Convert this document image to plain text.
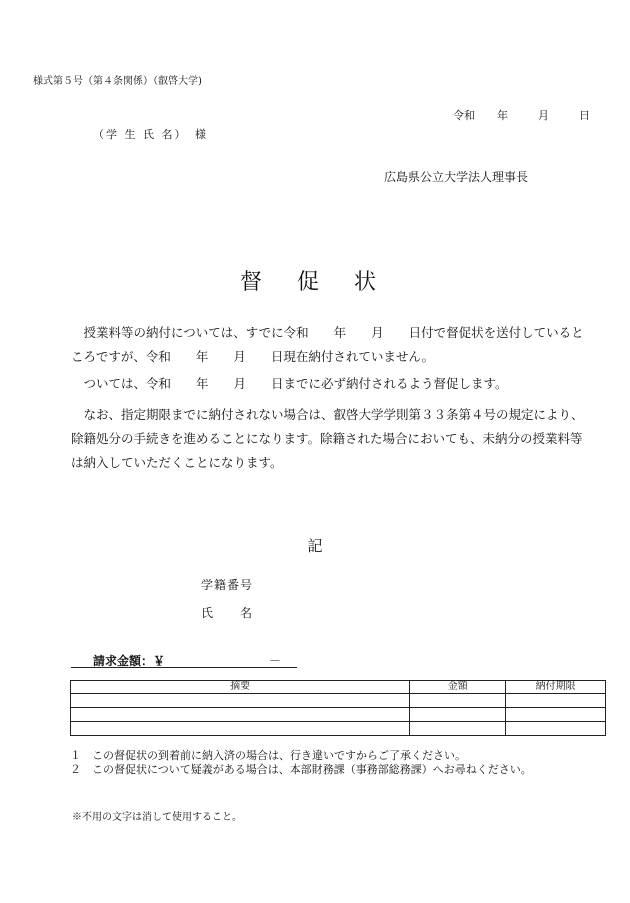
様式第５号（第４条関係）（叡啓大学)
令和 年	月	日
（学 生 氏 名）　様
広島県公立大学法人理事長
督 促 状
　授業料等の納付については、すでに令和　　年　　月　　日付で督促状を送付しているところですが、令和　　年　　月　　日現在納付されていません。
　ついては、令和　　年　　月　　日までに必ず納付されるよう督促します。
　なお、指定期限までに納付されない場合は、叡啓大学学則第３３条第４号の規定により、除籍処分の手続きを進めることになります。除籍された場合においても、未納分の授業料等は納入していただくことになります。
記
学籍番号
氏　　名
請求金額：￥	－
摘要	金額	納付期限

１　この督促状の到着前に納入済の場合は、行き違いですからご了承ください。
２　この督促状について疑義がある場合は、本部財務課（事務部総務課）へお尋ねください。
※不用の文字は消して使用すること。
